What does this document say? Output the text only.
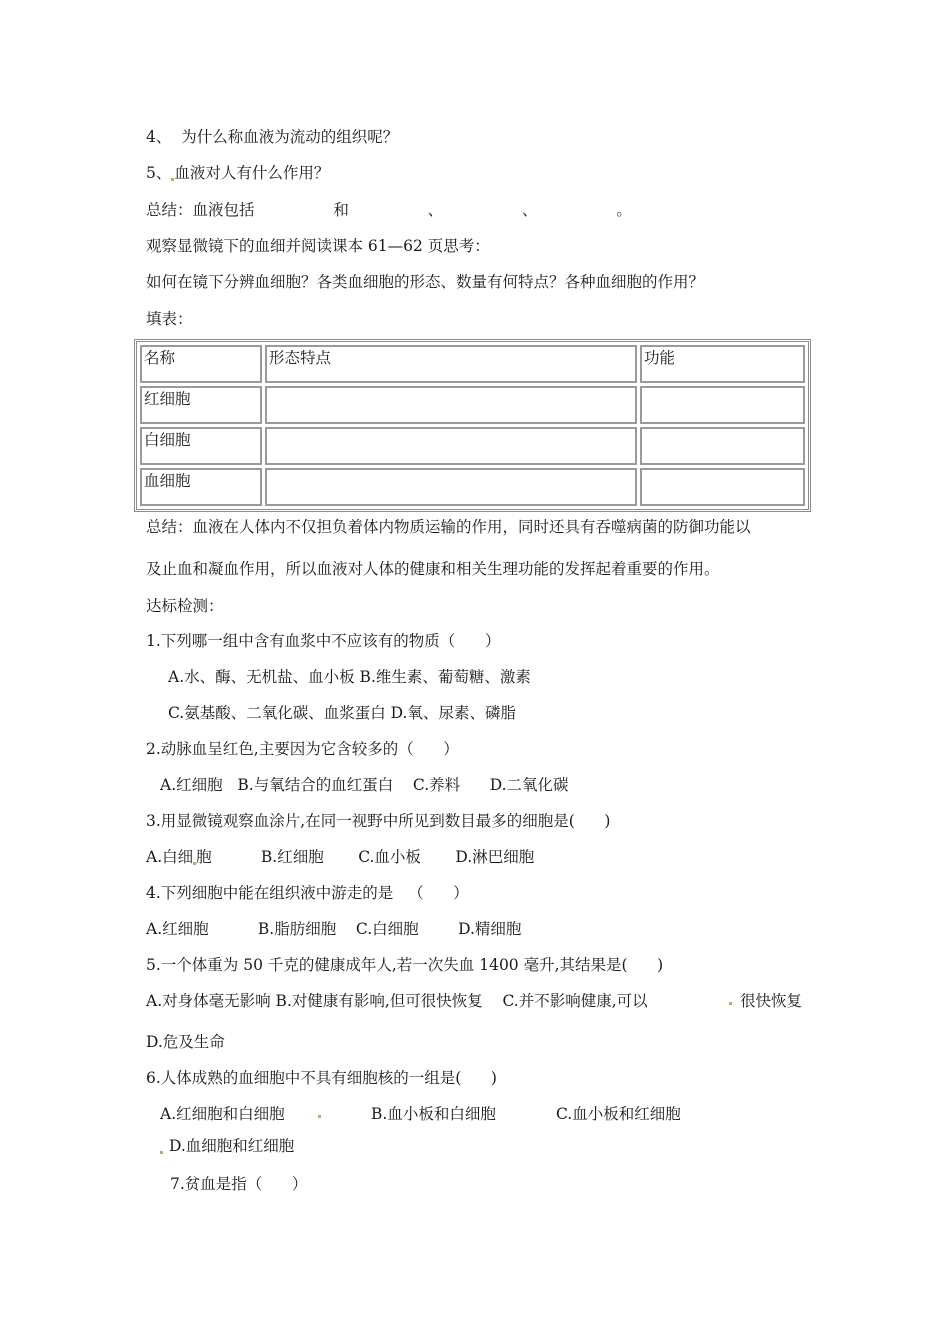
4、  为什么称血液为流动的组织呢？
5、 血液对人有什么作用？
总结：血液包括                和                、                、                。
观察显微镜下的血细并阅读课本 61—62 页思考：
如何在镜下分辨血细胞？各类血细胞的形态、数量有何特点？各种血细胞的作用？
填表：
名称	形态特点	功能
红细胞		
白细胞		
血细胞		
总结：血液在人体内不仅担负着体内物质运输的作用，同时还具有吞噬病菌的防御功能以
及止血和凝血作用，所以血液对人体的健康和相关生理功能的发挥起着重要的作用。
达标检测：
1.下列哪一组中含有血浆中不应该有的物质（      ）
A.水、酶、无机盐、血小板 B.维生素、葡萄糖、激素
C.氨基酸、二氧化碳、血浆蛋白 D.氧、尿素、磷脂
2.动脉血呈红色,主要因为它含较多的（      ）
A.红细胞   B.与氧结合的血红蛋白    C.养料      D.二氧化碳
3.用显微镜观察血涂片,在同一视野中所见到数目最多的细胞是(      )
A.白细 胞          B.红细胞       C.血小板       D.淋巴细胞
4.下列细胞中能在组织液中游走的是   （      ）
A.红细胞          B.脂肪细胞    C.白细胞        D.精细胞
5.一个体重为 50 千克的健康成年人,若一次失血 1400 毫升,其结果是(      )
A.对身体毫无影响 B.对健康有影响,但可很快恢复    C.并不影响健康,可以	很快恢复
D.危及生命
6.人体成熟的血细胞中不具有细胞核的一组是(      )
A.红细胞和白细胞	B.血小板和白细胞	C.血小板和红细胞
D.血细胞和红细胞
7.贫血是指（      ）
